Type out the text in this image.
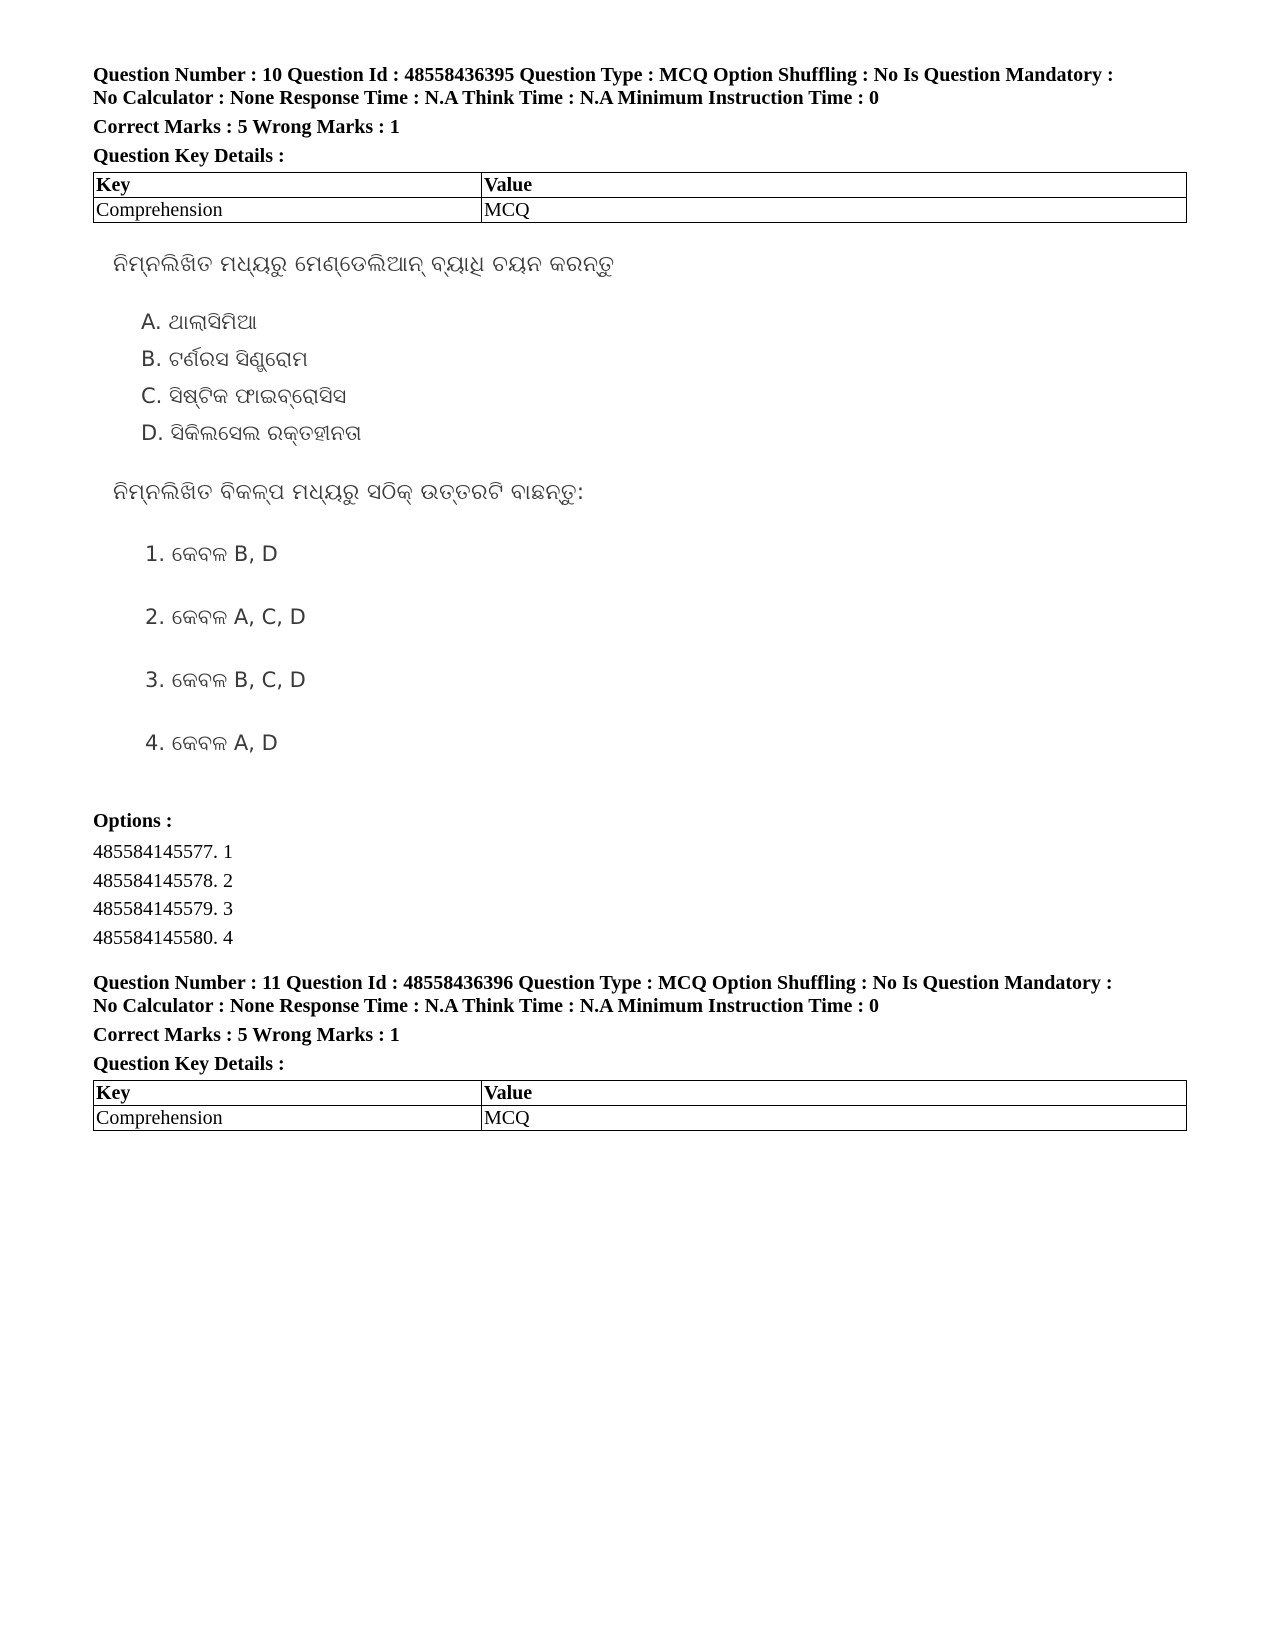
Question Number : 10 Question Id : 48558436395 Question Type : MCQ Option Shuffling : No Is Question Mandatory :
No Calculator : None Response Time : N.A Think Time : N.A Minimum Instruction Time : 0
Correct Marks : 5 Wrong Marks : 1
Question Key Details :
Key	Value
Comprehension	MCQ
ନିମ୍ନଲିଖିତ ମଧ୍ୟରୁ ମେଣ୍ଡେଲିଆନ୍ ବ୍ୟାଧି ଚୟନ କରନ୍ତୁ
A. ଥାଲାସିମିଆ
B. ଟର୍ଣରସ ସିଣ୍ଡ୍ରୋମ
C. ସିଷ୍ଟିକ ଫାଇବ୍ରୋସିସ
D. ସିକିଲସେଲ ରକ୍ତହୀନତା
ନିମ୍ନଲିଖିତ ବିକଳ୍ପ ମଧ୍ୟରୁ ସଠିକ୍ ଉତ୍ତରଟି ବାଛନ୍ତୁ:
1. କେବଳ B, D
2. କେବଳ A, C, D
3. କେବଳ B, C, D
4. କେବଳ A, D
Options :
485584145577. 1
485584145578. 2
485584145579. 3
485584145580. 4
Question Number : 11 Question Id : 48558436396 Question Type : MCQ Option Shuffling : No Is Question Mandatory :
No Calculator : None Response Time : N.A Think Time : N.A Minimum Instruction Time : 0
Correct Marks : 5 Wrong Marks : 1
Question Key Details :
Key	Value
Comprehension	MCQ
